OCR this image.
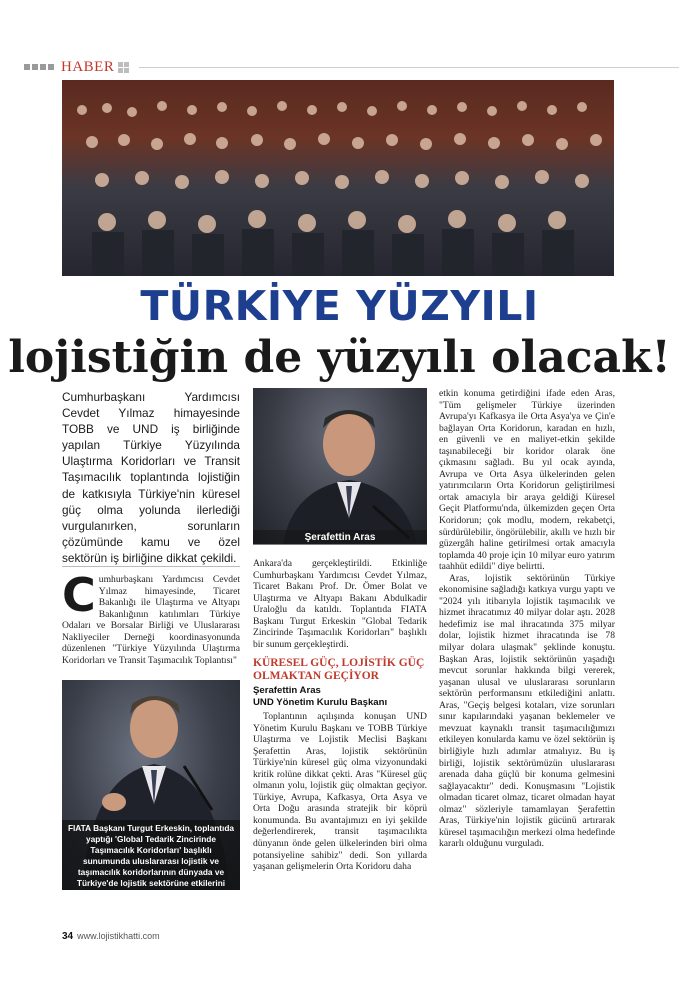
HABER
TÜRKİYE YÜZYILI
lojistiğin de yüzyılı olacak!
Cumhurbaşkanı Yardımcısı Cevdet Yılmaz himayesinde TOBB ve UND iş birliğinde yapılan Türkiye Yüzyılında Ulaştırma Koridorları ve Transit Taşımacılık toplantında lojistiğin de katkısıyla Türkiye'nin küresel güç olma yolunda ilerlediği vurgulanırken, sorunların çözümünde kamu ve özel sektörün iş birliğine dikkat çekildi.
Şerafettin Aras
C umhurbaşkanı Yardımcısı Cevdet Yılmaz himayesinde, Ticaret Bakanlığı ile Ulaştırma ve Altyapı Bakanlığının katılımları Türkiye Odaları ve Borsalar Birliği ve Uluslararası Nakliyeciler Derneği koordinasyonunda düzenlenen "Türkiye Yüzyılında Ulaştırma Koridorları ve Transit Taşımacılık Toplantısı"

FIATA Başkanı Turgut Erkeskin, toplantıda yaptığı 'Global Tedarik Zincirinde Taşımacılık Koridorları' başlıklı sunumunda uluslararası lojistik ve taşımacılık koridorlarının dünyada ve Türkiye'de lojistik sektörüne etkilerini anlattı.

Ankara'da gerçekleştirildi. Etkinliğe Cumhurbaşkanı Yardımcısı Cevdet Yılmaz, Ticaret Bakanı Prof. Dr. Ömer Bolat ve Ulaştırma ve Altyapı Bakanı Abdulkadir Uraloğlu da katıldı. Toplantıda FIATA Başkanı Turgut Erkeskin "Global Tedarik Zincirinde Taşımacılık Koridorları" başlıklı bir sunum gerçekleştirdi.

KÜRESEL GÜÇ, LOJİSTİK GÜÇ OLMAKTAN GEÇİYOR
Şerafettin Aras
UND Yönetim Kurulu Başkanı

Toplantının açılışında konuşan UND Yönetim Kurulu Başkanı ve TOBB Türkiye Ulaştırma ve Lojistik Meclisi Başkanı Şerafettin Aras, lojistik sektörünün Türkiye'nin küresel güç olma vizyonundaki kritik rolüne dikkat çekti. Aras "Küresel güç olmanın yolu, lojistik güç olmaktan geçiyor. Türkiye, Avrupa, Kafkasya, Orta Asya ve Orta Doğu arasında stratejik bir köprü konumunda. Bu avantajımızı en iyi şekilde değerlendirerek, transit taşımacılıkta dünyanın önde gelen ülkelerinden biri olma potansiyeline sahibiz" dedi. Son yıllarda yaşanan gelişmelerin Orta Koridoru daha

etkin konuma getirdiğini ifade eden Aras, "Tüm gelişmeler Türkiye üzerinden Avrupa'yı Kafkasya ile Orta Asya'ya ve Çin'e bağlayan Orta Koridorun, karadan en hızlı, en güvenli ve en maliyet-etkin şekilde taşınabileceği bir koridor olarak öne çıkmasını sağladı. Bu yıl ocak ayında, Avrupa ve Orta Asya ülkelerinden gelen yatırımcıların Orta Koridorun geliştirilmesi ortak amacıyla bir araya geldiği Küresel Geçit Platformu'nda, ülkemizden geçen Orta Koridorun; çok modlu, modern, rekabetçi, sürdürülebilir, öngörülebilir, akıllı ve hızlı bir güzergâh haline getirilmesi ortak amacıyla toplamda 40 proje için 10 milyar euro yatırım taahhüt edildi" diye belirtti.

Aras, lojistik sektörünün Türkiye ekonomisine sağladığı katkıya vurgu yaptı ve "2024 yılı itibarıyla lojistik taşımacılık ve hizmet ihracatımız 40 milyar dolar aştı. 2028 hedefimiz ise mal ihracatında 375 milyar dolar, lojistik hizmet ihracatında ise 78 milyar dolara ulaşmak" şeklinde konuştu. Başkan Aras, lojistik sektörünün yaşadığı mevcut sorunlar hakkında bilgi vererek, yaşanan ulusal ve uluslararası sorunların sektörün performansını etkilediğini anlattı. Aras, "Geçiş belgesi kotaları, vize sorunları sınır kapılarındaki yaşanan beklemeler ve mevzuat kaynaklı transit taşımacılığımızı etkileyen konularda kamu ve özel sektörün iş birliğiyle hızlı adımlar atmalıyız. Bu iş birliği, lojistik sektörümüzün uluslararası arenada daha güçlü bir konuma gelmesini sağlayacaktır" dedi. Konuşmasını "Lojistik olmadan ticaret olmaz, ticaret olmadan hayat olmaz" sözleriyle tamamlayan Şerafettin Aras, Türkiye'nin lojistik gücünü artırarak küresel taşımacılığın merkezi olma hedefinde kararlı olduğunu vurguladı.

34 www.lojistikhatti.com
